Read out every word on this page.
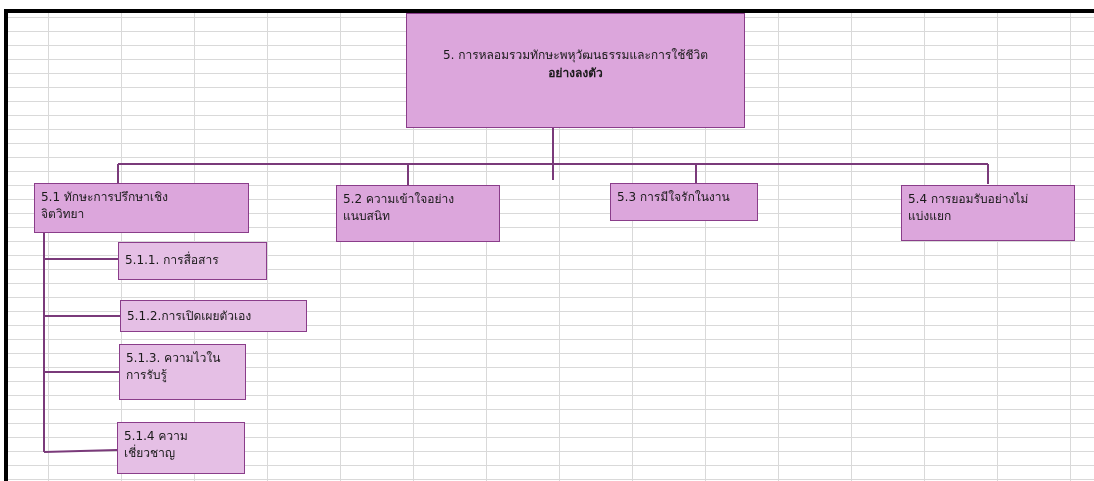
5. การหลอมรวมทักษะพหุวัฒนธรรมและการใช้ชีวิต
อย่างลงตัว
5.1 ทักษะการปรึกษาเชิง
จิตวิทยา
5.2 ความเข้าใจอย่าง
แนบสนิท
5.3 การมีใจรักในงาน	5.4 การยอมรับอย่างไม่
แบ่งแยก
5.1.1. การสื่อสาร
5.1.2.การเปิดเผยตัวเอง
5.1.3. ความไวใน
การรับรู้
5.1.4 ความ
เชี่ยวชาญ
